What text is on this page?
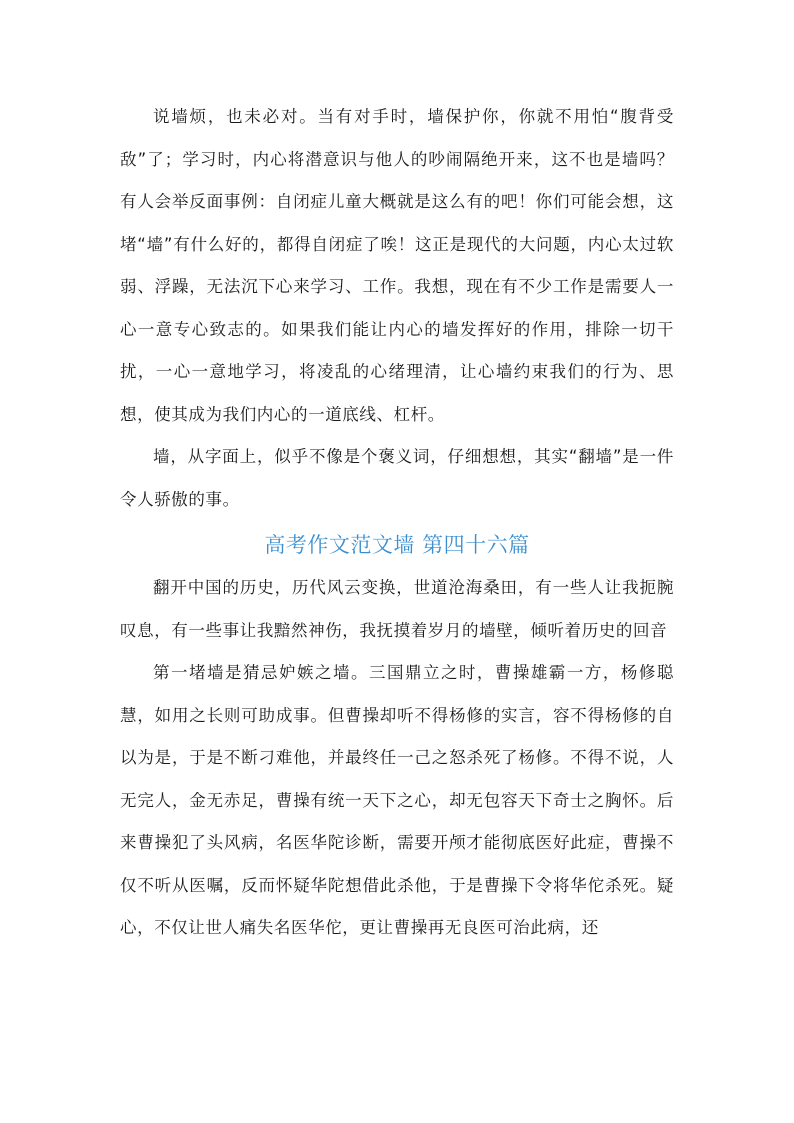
说墙烦，也未必对。当有对手时，墙保护你，你就不用怕“腹背受敌”了；学习时，内心将潜意识与他人的吵闹隔绝开来，这不也是墙吗？有人会举反面事例：自闭症儿童大概就是这么有的吧！你们可能会想，这堵“墙”有什么好的，都得自闭症了唉！这正是现代的大问题，内心太过软弱、浮躁，无法沉下心来学习、工作。我想，现在有不少工作是需要人一心一意专心致志的。如果我们能让内心的墙发挥好的作用，排除一切干扰，一心一意地学习，将凌乱的心绪理清，让心墙约束我们的行为、思想，使其成为我们内心的一道底线、杠杆。

墙，从字面上，似乎不像是个褒义词，仔细想想，其实“翻墙”是一件令人骄傲的事。

高考作文范文墙 第四十六篇

翻开中国的历史，历代风云变换，世道沧海桑田，有一些人让我扼腕叹息，有一些事让我黯然神伤，我抚摸着岁月的墙壁，倾听着历史的回音

第一堵墙是猜忌妒嫉之墙。三国鼎立之时，曹操雄霸一方，杨修聪慧，如用之长则可助成事。但曹操却听不得杨修的实言，容不得杨修的自以为是，于是不断刁难他，并最终任一己之怒杀死了杨修。不得不说，人无完人，金无赤足，曹操有统一天下之心，却无包容天下奇士之胸怀。后来曹操犯了头风病，名医华陀诊断，需要开颅才能彻底医好此症，曹操不仅不听从医嘱，反而怀疑华陀想借此杀他，于是曹操下令将华佗杀死。疑心，不仅让世人痛失名医华佗，更让曹操再无良医可治此病，还
